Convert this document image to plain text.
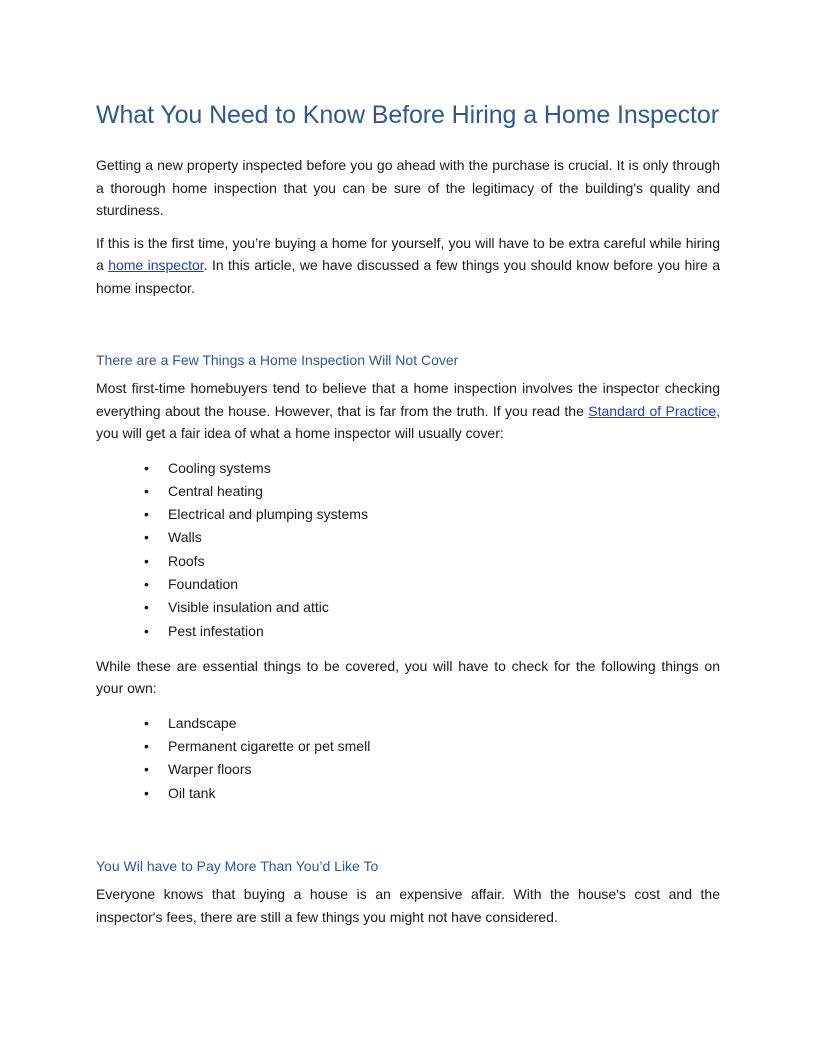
What You Need to Know Before Hiring a Home Inspector

Getting a new property inspected before you go ahead with the purchase is crucial. It is only through a thorough home inspection that you can be sure of the legitimacy of the building's quality and sturdiness.

If this is the first time, you’re buying a home for yourself, you will have to be extra careful while hiring a home inspector. In this article, we have discussed a few things you should know before you hire a home inspector.

There are a Few Things a Home Inspection Will Not Cover

Most first-time homebuyers tend to believe that a home inspection involves the inspector checking everything about the house. However, that is far from the truth. If you read the Standard of Practice, you will get a fair idea of what a home inspector will usually cover:

• Cooling systems
• Central heating
• Electrical and plumping systems
• Walls
• Roofs
• Foundation
• Visible insulation and attic
• Pest infestation

While these are essential things to be covered, you will have to check for the following things on your own:

• Landscape
• Permanent cigarette or pet smell
• Warper floors
• Oil tank
You Wil have to Pay More Than You’d Like To

Everyone knows that buying a house is an expensive affair. With the house's cost and the inspector's fees, there are still a few things you might not have considered.
